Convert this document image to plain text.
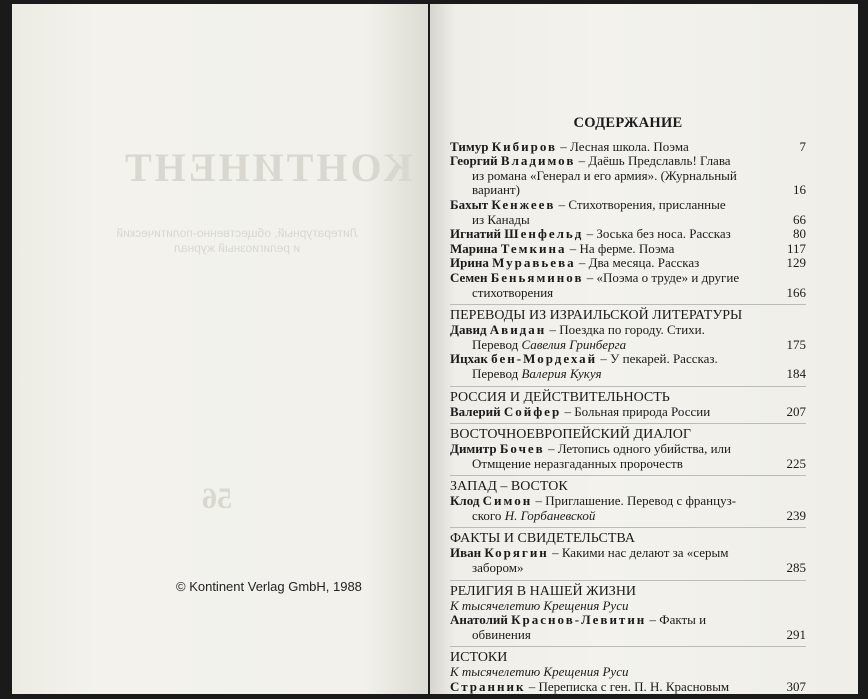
КОНТИНЕНТ
Литературный, общественно-политический и религиозный журнал
56
© Kontinent Verlag GmbH, 1988
СОДЕРЖАНИЕ
Тимур Кибиров – Лесная школа. Поэма	7
Георгий Владимов – Даёшь Предславль! Глава
из романа «Генерал и его армия». (Журнальный
вариант)	16
Бахыт Кенжеев – Стихотворения, присланные
из Канады	66
Игнатий Шенфельд – Зоська без носа. Рассказ	80
Марина Темкина – На ферме. Поэма	117
Ирина Муравьева – Два месяца. Рассказ	129
Семен Беньяминов – «Поэма о труде» и другие
стихотворения	166
ПЕРЕВОДЫ ИЗ ИЗРАИЛЬСКОЙ ЛИТЕРАТУРЫ
Давид Авидан – Поездка по городу. Стихи.
Перевод Савелия Гринберга	175
Ицхак бен-Мордехай – У пекарей. Рассказ.
Перевод Валерия Кукуя	184
РОССИЯ И ДЕЙСТВИТЕЛЬНОСТЬ
Валерий Сойфер – Больная природа России	207
ВОСТОЧНОЕВРОПЕЙСКИЙ ДИАЛОГ
Димитр Бочев – Летопись одного убийства, или
Отмщение неразгаданных пророчеств	225
ЗАПАД – ВОСТОК
Клод Симон – Приглашение. Перевод с француз-
ского Н. Горбаневской	239
ФАКТЫ И СВИДЕТЕЛЬСТВА
Иван Корягин – Какими нас делают за «серым
забором»	285
РЕЛИГИЯ В НАШЕЙ ЖИЗНИ
К тысячелетию Крещения Руси
Анатолий Краснов-Левитин – Факты и
обвинения	291
ИСТОКИ
К тысячелетию Крещения Руси
Странник – Переписка с ген. П. Н. Красновым	307
